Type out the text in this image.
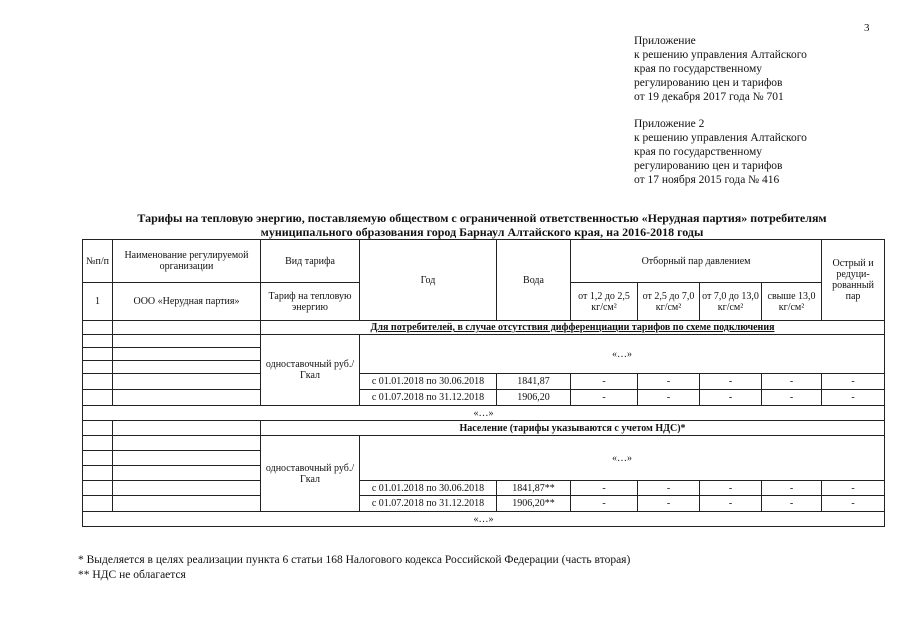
3
Приложение
к решению управления Алтайского
края по государственному
регулированию цен и тарифов
от 19 декабря 2017 года № 701
Приложение 2
к решению управления Алтайского
края по государственному
регулированию цен и тарифов
от 17 ноября 2015 года № 416
Тарифы на тепловую энергию, поставляемую обществом с ограниченной ответственностью «Нерудная партия» потребителям
муниципального образования город Барнаул Алтайского края, на 2016-2018 годы
№п/п	Наименование регулируемой организации	Вид тарифа	Год	Вода	Отборный пар давлением				Острый и редуци-рованный пар
1	ООО «Нерудная партия»	Тариф на тепловую энергию			от 1,2 до 2,5 кг/см²	от 2,5 до 7,0 кг/см²	от 7,0 до 13,0 кг/см²	свыше 13,0 кг/см²	
		Для потребителей, в случае отсутствия дифференциации тарифов по схеме подключения							
		одноставочный руб./Гкал	«…»						

			с 01.01.2018 по 30.06.2018	1841,87	-	-	-	-	-
			с 01.07.2018 по 31.12.2018	1906,20	-	-	-	-	-
«…»									
		Население (тарифы указываются с учетом НДС)*							
		одноставочный руб./Гкал	«…»						

			с 01.01.2018 по 30.06.2018	1841,87**	-	-	-	-	-
			с 01.07.2018 по 31.12.2018	1906,20**	-	-	-	-	-
«…»									
* Выделяется в целях реализации пункта 6 статьи 168 Налогового кодекса Российской Федерации (часть вторая)
** НДС не облагается
